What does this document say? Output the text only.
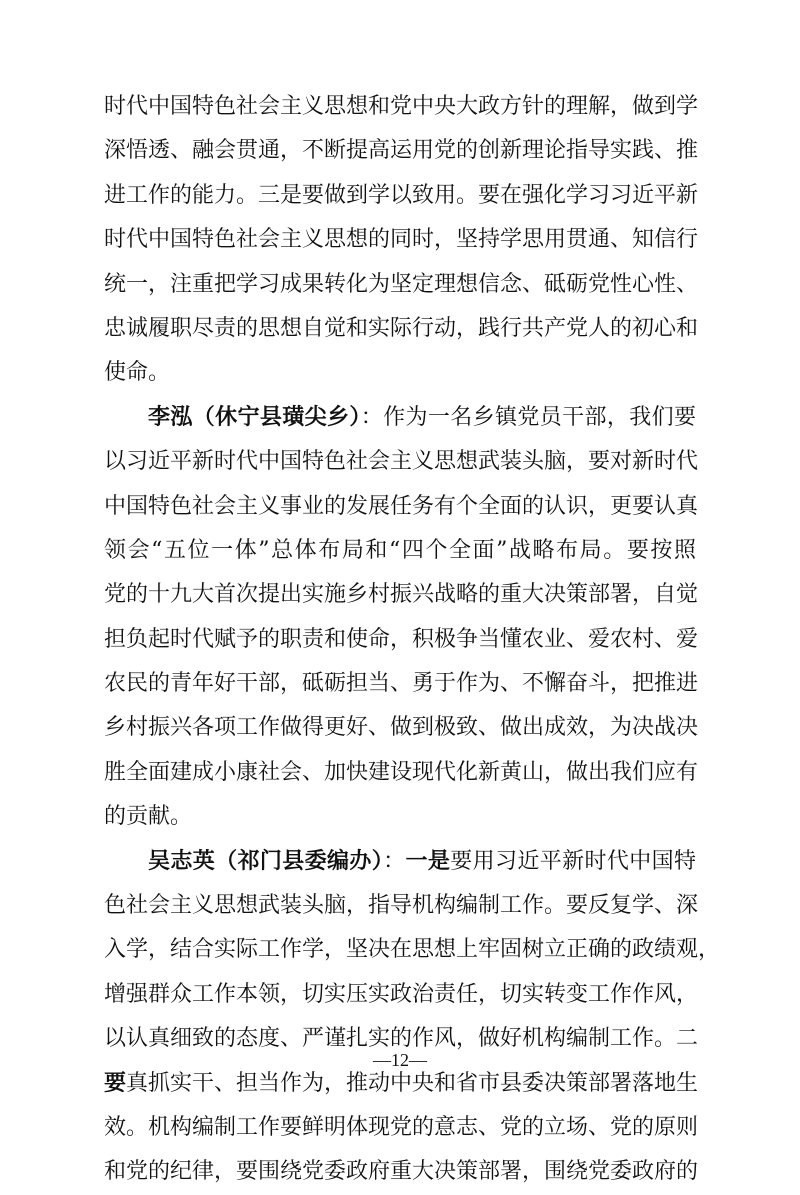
时代中国特色社会主义思想和党中央大政方针的理解，做到学
深悟透、融会贯通，不断提高运用党的创新理论指导实践、推
进工作的能力。三是要做到学以致用。要在强化学习习近平新
时代中国特色社会主义思想的同时，坚持学思用贯通、知信行
统一，注重把学习成果转化为坚定理想信念、砥砺党性心性、
忠诚履职尽责的思想自觉和实际行动，践行共产党人的初心和
使命。
李泓（休宁县璜尖乡）：作为一名乡镇党员干部，我们要
以习近平新时代中国特色社会主义思想武装头脑，要对新时代
中国特色社会主义事业的发展任务有个全面的认识，更要认真
领会“五位一体”总体布局和“四个全面”战略布局。要按照
党的十九大首次提出实施乡村振兴战略的重大决策部署，自觉
担负起时代赋予的职责和使命，积极争当懂农业、爱农村、爱
农民的青年好干部，砥砺担当、勇于作为、不懈奋斗，把推进
乡村振兴各项工作做得更好、做到极致、做出成效，为决战决
胜全面建成小康社会、加快建设现代化新黄山，做出我们应有
的贡献。
吴志英（祁门县委编办）：一是要用习近平新时代中国特
色社会主义思想武装头脑，指导机构编制工作。要反复学、深
入学，结合实际工作学，坚决在思想上牢固树立正确的政绩观，
增强群众工作本领，切实压实政治责任，切实转变工作作风，
以认真细致的态度、严谨扎实的作风，做好机构编制工作。二
要真抓实干、担当作为，推动中央和省市县委决策部署落地生
效。机构编制工作要鲜明体现党的意志、党的立场、党的原则
和党的纪律，要围绕党委政府重大决策部署，围绕党委政府的
—12—
